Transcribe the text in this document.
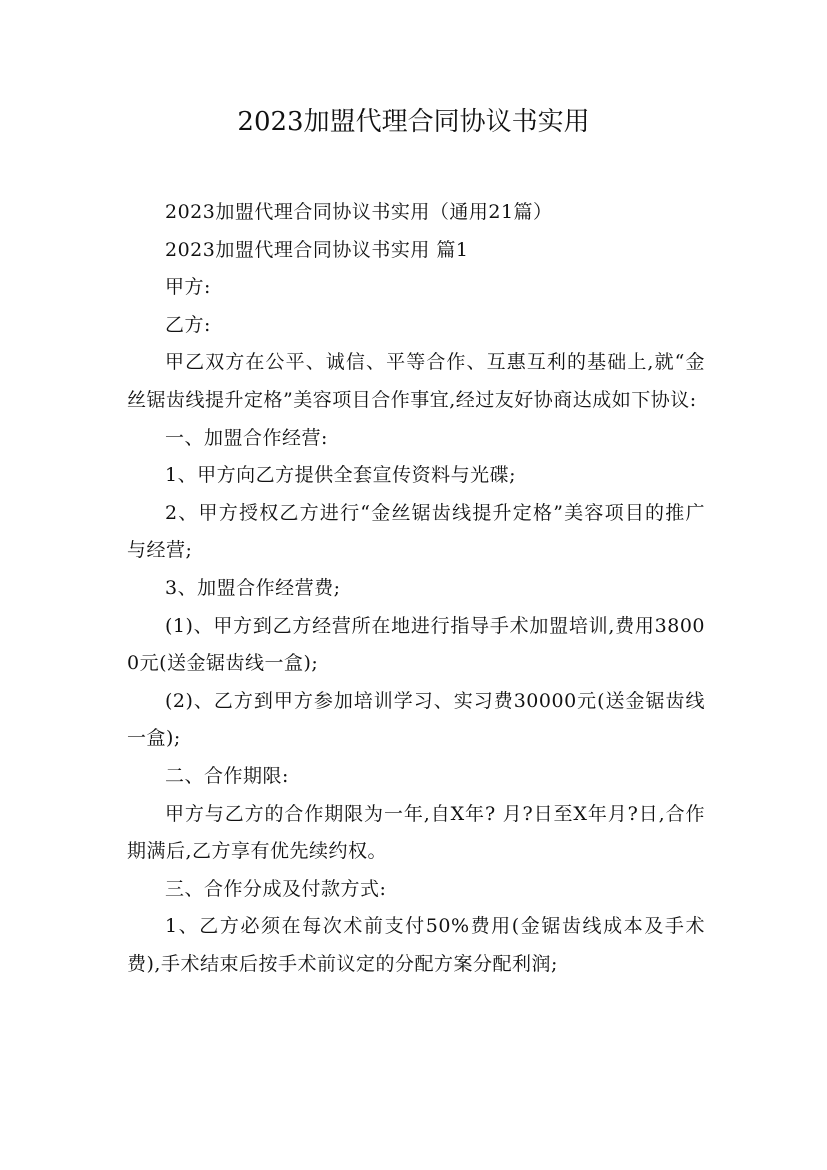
2023加盟代理合同协议书实用

2023加盟代理合同协议书实用（通用21篇）

2023加盟代理合同协议书实用 篇1

甲方:

乙方:

甲乙双方在公平、诚信、平等合作、互惠互利的基础上,就“金丝锯齿线提升定格”美容项目合作事宜,经过友好协商达成如下协议:

一、加盟合作经营:

1、甲方向乙方提供全套宣传资料与光碟;

2、甲方授权乙方进行“金丝锯齿线提升定格”美容项目的推广与经营;

3、加盟合作经营费;

(1)、甲方到乙方经营所在地进行指导手术加盟培训,费用38000元(送金锯齿线一盒);

(2)、乙方到甲方参加培训学习、实习费30000元(送金锯齿线一盒);

二、合作期限:

甲方与乙方的合作期限为一年,自X年? 月?日至X年月?日,合作期满后,乙方享有优先续约权。

三、合作分成及付款方式:

1、乙方必须在每次术前支付50%费用(金锯齿线成本及手术费),手术结束后按手术前议定的分配方案分配利润;
